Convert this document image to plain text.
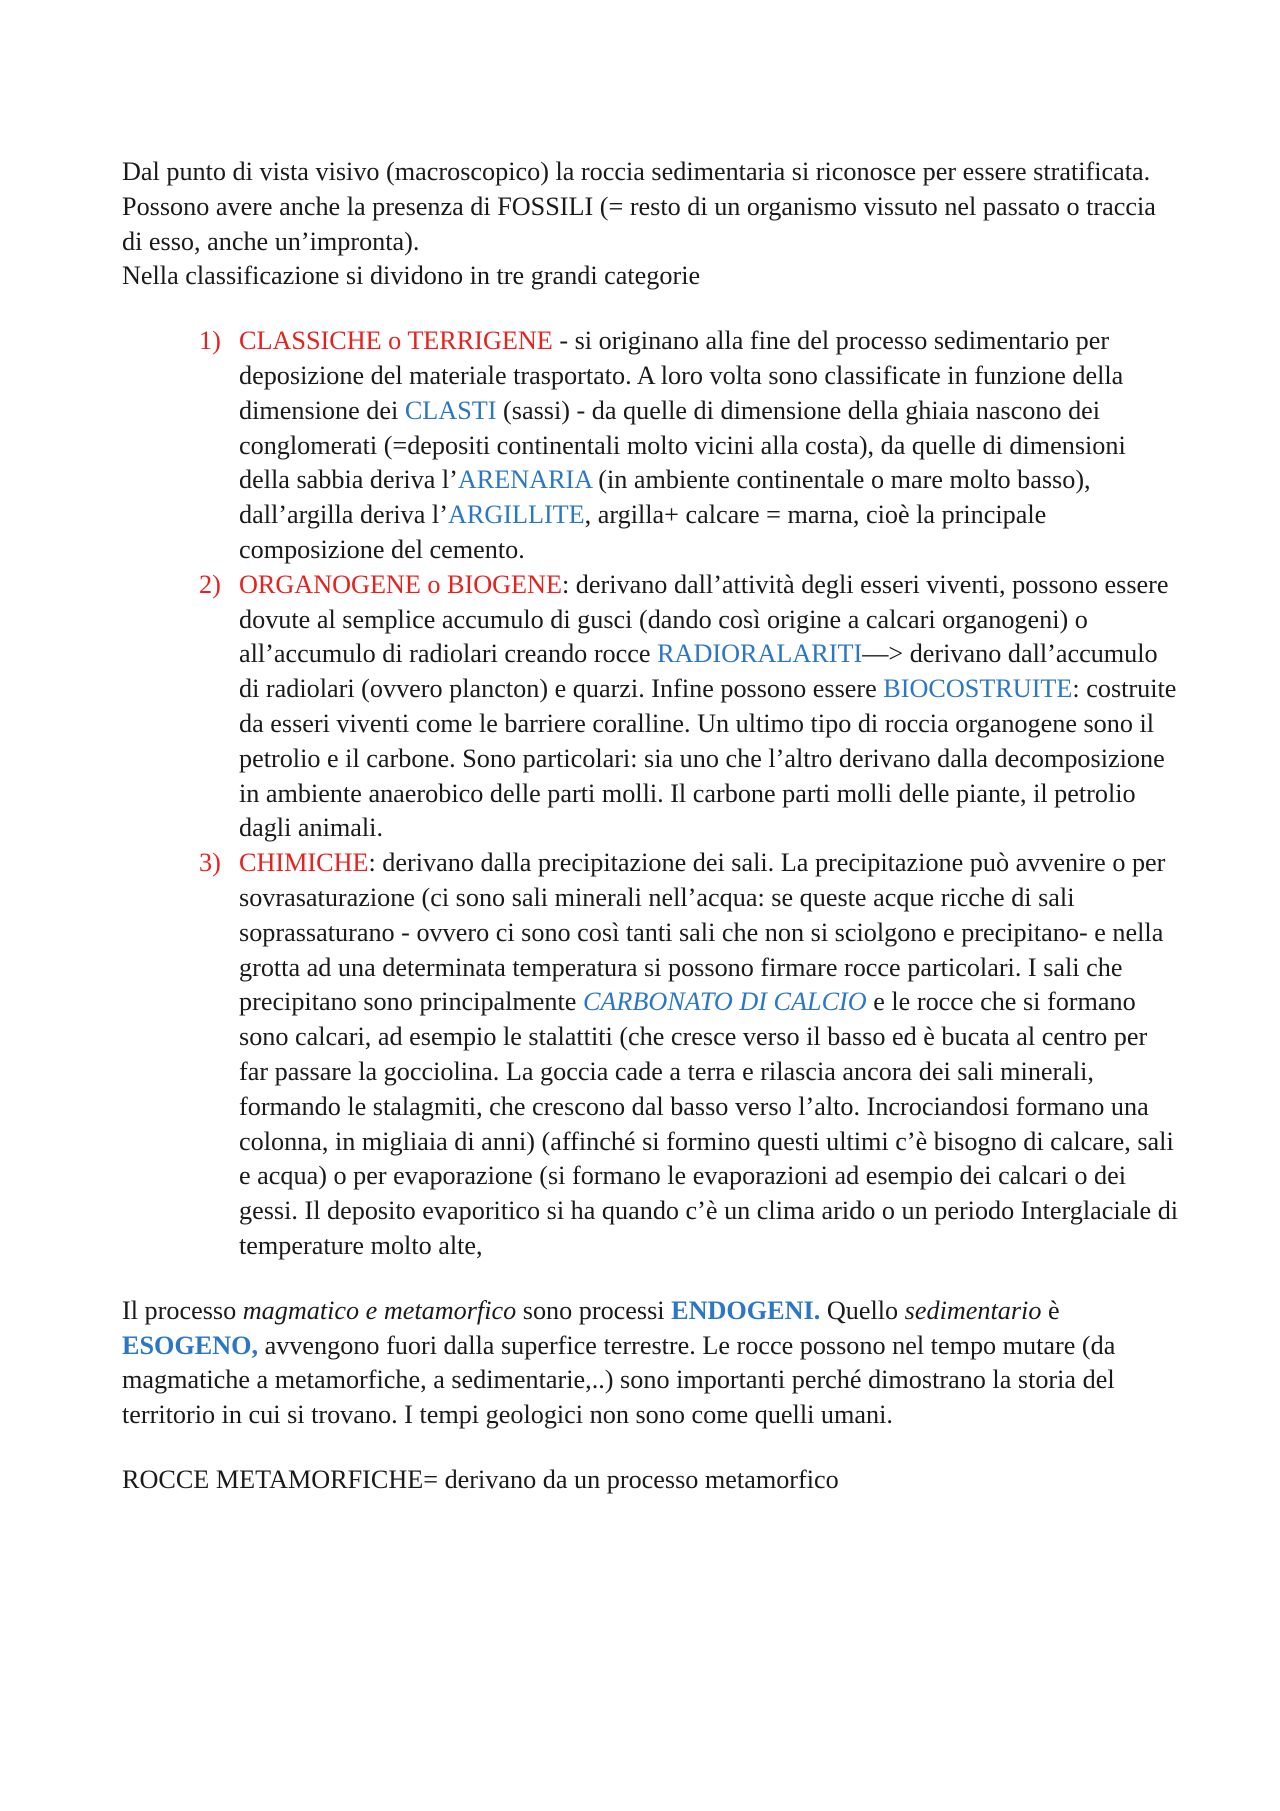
Dal punto di vista visivo (macroscopico) la roccia sedimentaria si riconosce per essere stratificata. Possono avere anche la presenza di FOSSILI (= resto di un organismo vissuto nel passato o traccia di esso, anche un’impronta).

Nella classificazione si dividono in tre grandi categorie

1) CLASSICHE o TERRIGENE - si originano alla fine del processo sedimentario per deposizione del materiale trasportato. A loro volta sono classificate in funzione della dimensione dei CLASTI (sassi) - da quelle di dimensione della ghiaia nascono dei conglomerati (=depositi continentali molto vicini alla costa), da quelle di dimensioni della sabbia deriva l’ARENARIA (in ambiente continentale o mare molto basso), dall’argilla deriva l’ARGILLITE, argilla+ calcare = marna, cioè la principale composizione del cemento.
2) ORGANOGENE o BIOGENE: derivano dall’attività degli esseri viventi, possono essere dovute al semplice accumulo di gusci (dando così origine a calcari organogeni) o all’accumulo di radiolari creando rocce RADIORALARITI—> derivano dall’accumulo di radiolari (ovvero plancton) e quarzi. Infine possono essere BIOCOSTRUITE: costruite da esseri viventi come le barriere coralline. Un ultimo tipo di roccia organogene sono il petrolio e il carbone. Sono particolari: sia uno che l’altro derivano dalla decomposizione in ambiente anaerobico delle parti molli. Il carbone parti molli delle piante, il petrolio dagli animali.
3) CHIMICHE: derivano dalla precipitazione dei sali. La precipitazione può avvenire o per sovrasaturazione (ci sono sali minerali nell’acqua: se queste acque ricche di sali soprassaturano - ovvero ci sono così tanti sali che non si sciolgono e precipitano- e nella grotta ad una determinata temperatura si possono firmare rocce particolari. I sali che precipitano sono principalmente CARBONATO DI CALCIO e le rocce che si formano sono calcari, ad esempio le stalattiti (che cresce verso il basso ed è bucata al centro per far passare la gocciolina. La goccia cade a terra e rilascia ancora dei sali minerali, formando le stalagmiti, che crescono dal basso verso l’alto. Incrociandosi formano una colonna, in migliaia di anni) (affinché si formino questi ultimi c’è bisogno di calcare, sali e acqua) o per evaporazione (si formano le evaporazioni ad esempio dei calcari o dei gessi. Il deposito evaporitico si ha quando c’è un clima arido o un periodo Interglaciale di temperature molto alte,

Il processo magmatico e metamorfico sono processi ENDOGENI. Quello sedimentario è ESOGENO, avvengono fuori dalla superfice terrestre. Le rocce possono nel tempo mutare (da magmatiche a metamorfiche, a sedimentarie,..) sono importanti perché dimostrano la storia del territorio in cui si trovano. I tempi geologici non sono come quelli umani.

ROCCE METAMORFICHE= derivano da un processo metamorfico
